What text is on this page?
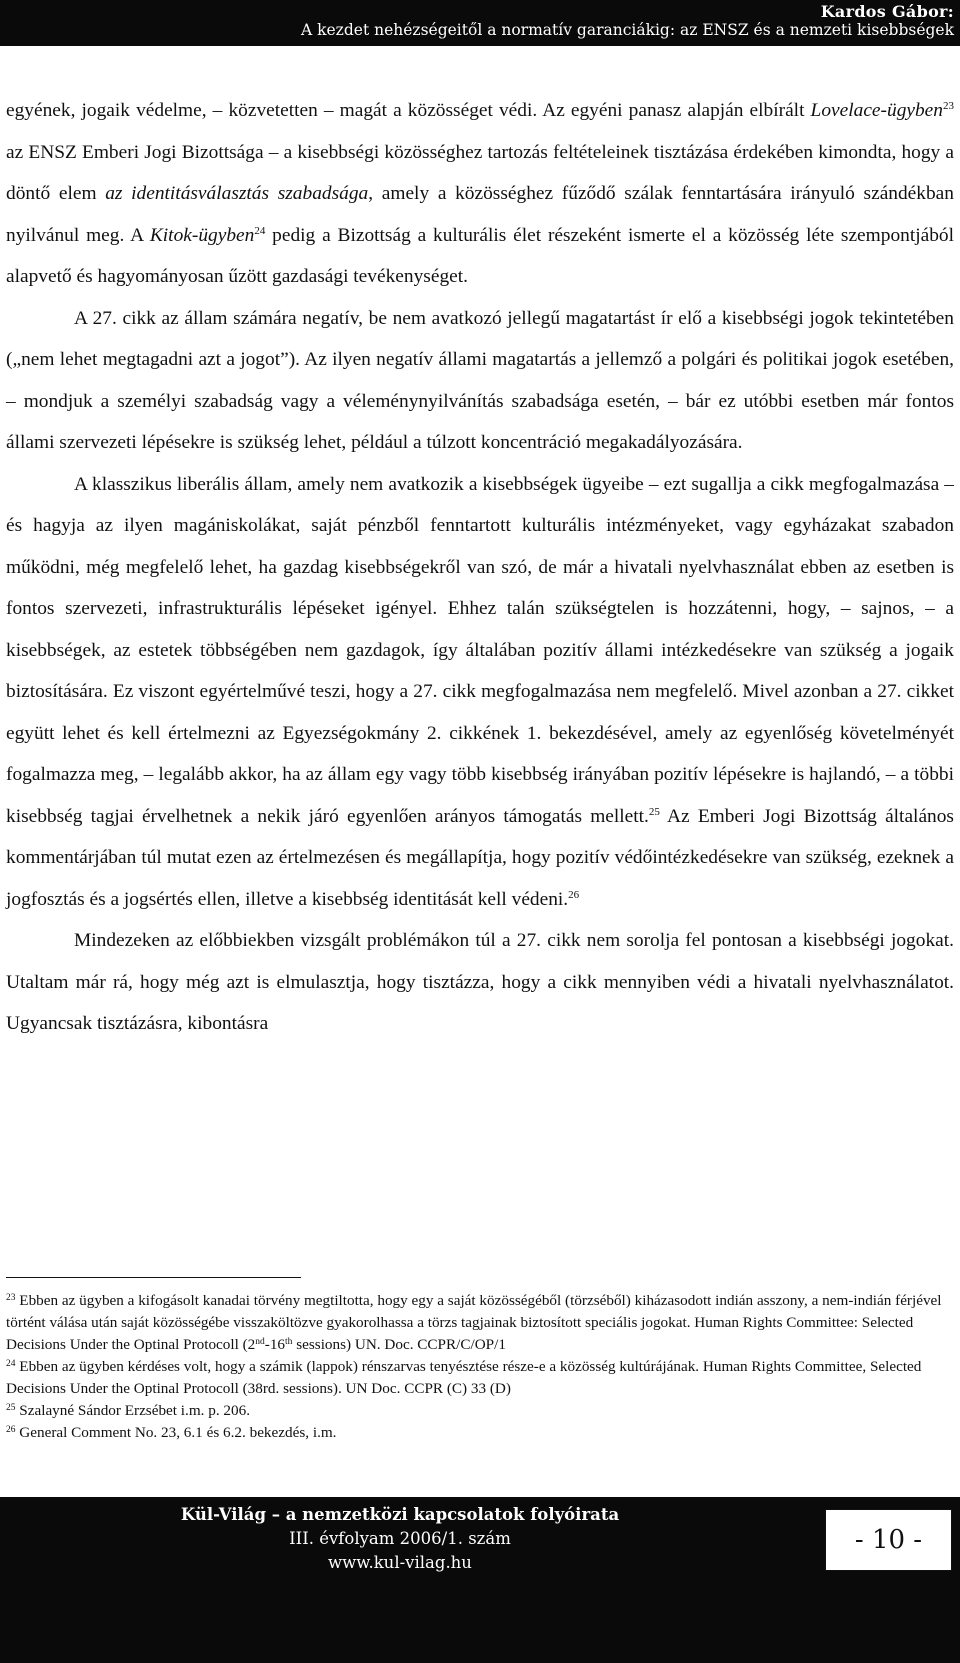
Kardos Gábor:
A kezdet nehézségeitől a normatív garanciákig: az ENSZ és a nemzeti kisebbségek

egyének, jogaik védelme, – közvetetten – magát a közösséget védi. Az egyéni panasz alapján elbírált Lovelace-ügyben$^{23}$ az ENSZ Emberi Jogi Bizottsága – a kisebbségi közösséghez tartozás feltételeinek tisztázása érdekében kimondta, hogy a döntő elem az identitásválasztás szabadsága, amely a közösséghez fűződő szálak fenntartására irányuló szándékban nyilvánul meg. A Kitok-ügyben$^{24}$ pedig a Bizottság a kulturális élet részeként ismerte el a közösség léte szempontjából alapvető és hagyományosan űzött gazdasági tevékenységet.

A 27. cikk az állam számára negatív, be nem avatkozó jellegű magatartást ír elő a kisebbségi jogok tekintetében („nem lehet megtagadni azt a jogot”). Az ilyen negatív állami magatartás a jellemző a polgári és politikai jogok esetében, – mondjuk a személyi szabadság vagy a véleménynyilvánítás szabadsága esetén, – bár ez utóbbi esetben már fontos állami szervezeti lépésekre is szükség lehet, például a túlzott koncentráció megakadályozására.

A klasszikus liberális állam, amely nem avatkozik a kisebbségek ügyeibe – ezt sugallja a cikk megfogalmazása – és hagyja az ilyen magániskolákat, saját pénzből fenntartott kulturális intézményeket, vagy egyházakat szabadon működni, még megfelelő lehet, ha gazdag kisebbségekről van szó, de már a hivatali nyelvhasználat ebben az esetben is fontos szervezeti, infrastrukturális lépéseket igényel. Ehhez talán szükségtelen is hozzátenni, hogy, – sajnos, – a kisebbségek, az estetek többségében nem gazdagok, így általában pozitív állami intézkedésekre van szükség a jogaik biztosítására. Ez viszont egyértelművé teszi, hogy a 27. cikk megfogalmazása nem megfelelő. Mivel azonban a 27. cikket együtt lehet és kell értelmezni az Egyezségokmány 2. cikkének 1. bekezdésével, amely az egyenlőség követelményét fogalmazza meg, – legalább akkor, ha az állam egy vagy több kisebbség irányában pozitív lépésekre is hajlandó, – a többi kisebbség tagjai érvelhetnek a nekik járó egyenlően arányos támogatás mellett.$^{25}$ Az Emberi Jogi Bizottság általános kommentárjában túl mutat ezen az értelmezésen és megállapítja, hogy pozitív védőintézkedésekre van szükség, ezeknek a jogfosztás és a jogsértés ellen, illetve a kisebbség identitását kell védeni.$^{26}$

Mindezeken az előbbiekben vizsgált problémákon túl a 27. cikk nem sorolja fel pontosan a kisebbségi jogokat. Utaltam már rá, hogy még azt is elmulasztja, hogy tisztázza, hogy a cikk mennyiben védi a hivatali nyelvhasználatot. Ugyancsak tisztázásra, kibontásra

$^{23}$ Ebben az ügyben a kifogásolt kanadai törvény megtiltotta, hogy egy a saját közösségéből (törzséből) kiházasodott indián asszony, a nem-indián férjével történt válása után saját közösségébe visszaköltözve gyakorolhassa a törzs tagjainak biztosított speciális jogokat. Human Rights Committee: Selected Decisions Under the Optinal Protocoll (2nd-16th sessions) UN. Doc. CCPR/C/OP/1

$^{24}$ Ebben az ügyben kérdéses volt, hogy a számik (lappok) rénszarvas tenyésztése része-e a közösség kultúrájának. Human Rights Committee, Selected Decisions Under the Optinal Protocoll (38rd. sessions). UN Doc. CCPR (C) 33 (D)

$^{25}$ Szalayné Sándor Erzsébet i.m. p. 206.

$^{26}$ General Comment No. 23, 6.1 és 6.2. bekezdés, i.m.

Kül-Világ – a nemzetközi kapcsolatok folyóirata
III. évfolyam 2006/1. szám
www.kul-vilag.hu
- 10 -
